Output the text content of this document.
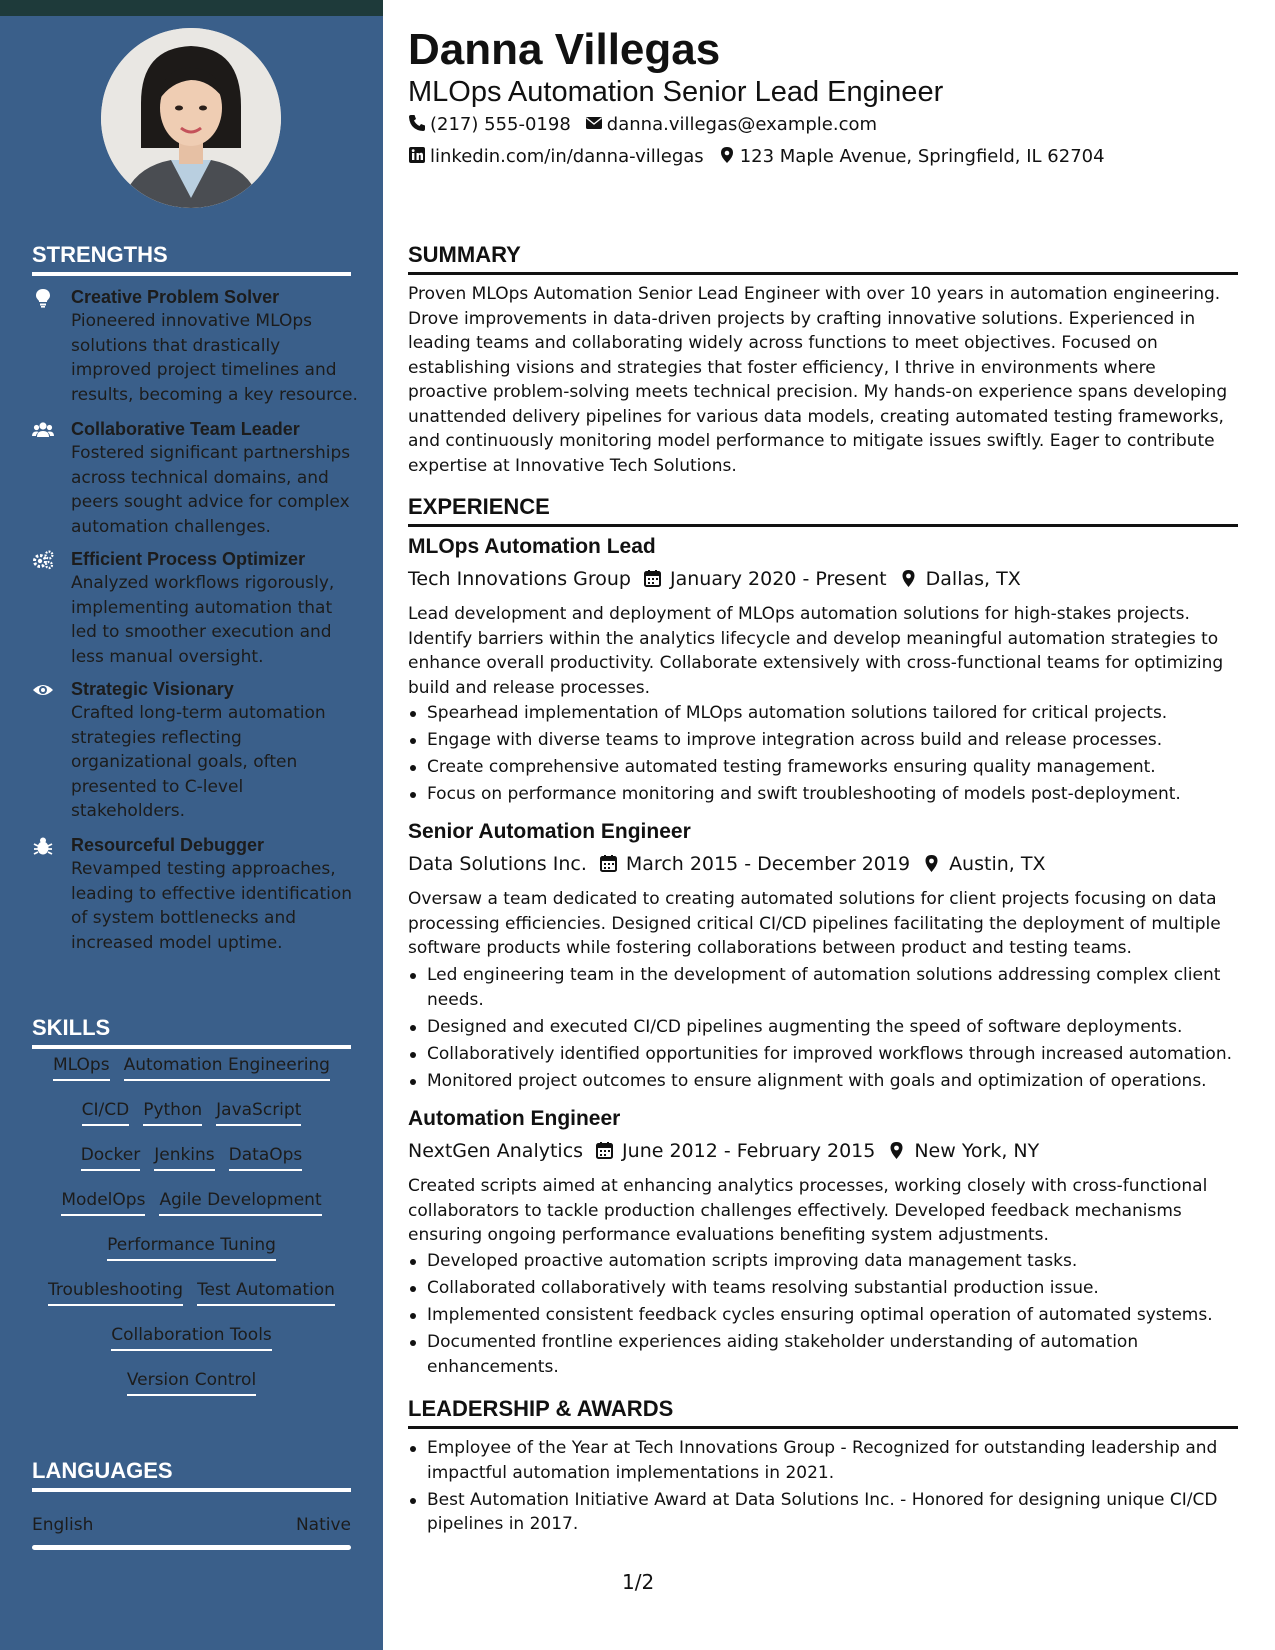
STRENGTHS
Creative Problem Solver
Pioneered innovative MLOps solutions that drastically improved project timelines and results, becoming a key resource.
Collaborative Team Leader
Fostered significant partnerships across technical domains, and peers sought advice for complex automation challenges.
Efficient Process Optimizer
Analyzed workflows rigorously, implementing automation that led to smoother execution and less manual oversight.
Strategic Visionary
Crafted long-term automation strategies reflecting organizational goals, often presented to C-level stakeholders.
Resourceful Debugger
Revamped testing approaches, leading to effective identification of system bottlenecks and increased model uptime.
SKILLS
MLOps Automation Engineering
CI/CD Python JavaScript
Docker Jenkins DataOps
ModelOps Agile Development
Performance Tuning
Troubleshooting Test Automation
Collaboration Tools
Version Control
LANGUAGES
English	Native
Danna Villegas
MLOps Automation Senior Lead Engineer
(217) 555-0198 danna.villegas@example.com
linkedin.com/in/danna-villegas 123 Maple Avenue, Springfield, IL 62704
SUMMARY
Proven MLOps Automation Senior Lead Engineer with over 10 years in automation engineering. Drove improvements in data-driven projects by crafting innovative solutions. Experienced in leading teams and collaborating widely across functions to meet objectives. Focused on establishing visions and strategies that foster efficiency, I thrive in environments where proactive problem-solving meets technical precision. My hands-on experience spans developing unattended delivery pipelines for various data models, creating automated testing frameworks, and continuously monitoring model performance to mitigate issues swiftly. Eager to contribute expertise at Innovative Tech Solutions.
EXPERIENCE
MLOps Automation Lead
Tech Innovations Group January 2020 - Present Dallas, TX
Lead development and deployment of MLOps automation solutions for high-stakes projects. Identify barriers within the analytics lifecycle and develop meaningful automation strategies to enhance overall productivity. Collaborate extensively with cross-functional teams for optimizing build and release processes.
Spearhead implementation of MLOps automation solutions tailored for critical projects.
Engage with diverse teams to improve integration across build and release processes.
Create comprehensive automated testing frameworks ensuring quality management.
Focus on performance monitoring and swift troubleshooting of models post-deployment.
Senior Automation Engineer
Data Solutions Inc. March 2015 - December 2019 Austin, TX
Oversaw a team dedicated to creating automated solutions for client projects focusing on data processing efficiencies. Designed critical CI/CD pipelines facilitating the deployment of multiple software products while fostering collaborations between product and testing teams.
Led engineering team in the development of automation solutions addressing complex client needs.
Designed and executed CI/CD pipelines augmenting the speed of software deployments.
Collaboratively identified opportunities for improved workflows through increased automation.
Monitored project outcomes to ensure alignment with goals and optimization of operations.
Automation Engineer
NextGen Analytics June 2012 - February 2015 New York, NY
Created scripts aimed at enhancing analytics processes, working closely with cross-functional collaborators to tackle production challenges effectively. Developed feedback mechanisms ensuring ongoing performance evaluations benefiting system adjustments.
Developed proactive automation scripts improving data management tasks.
Collaborated collaboratively with teams resolving substantial production issue.
Implemented consistent feedback cycles ensuring optimal operation of automated systems.
Documented frontline experiences aiding stakeholder understanding of automation enhancements.
LEADERSHIP & AWARDS
Employee of the Year at Tech Innovations Group - Recognized for outstanding leadership and impactful automation implementations in 2021.
Best Automation Initiative Award at Data Solutions Inc. - Honored for designing unique CI/CD pipelines in 2017.
1/2
